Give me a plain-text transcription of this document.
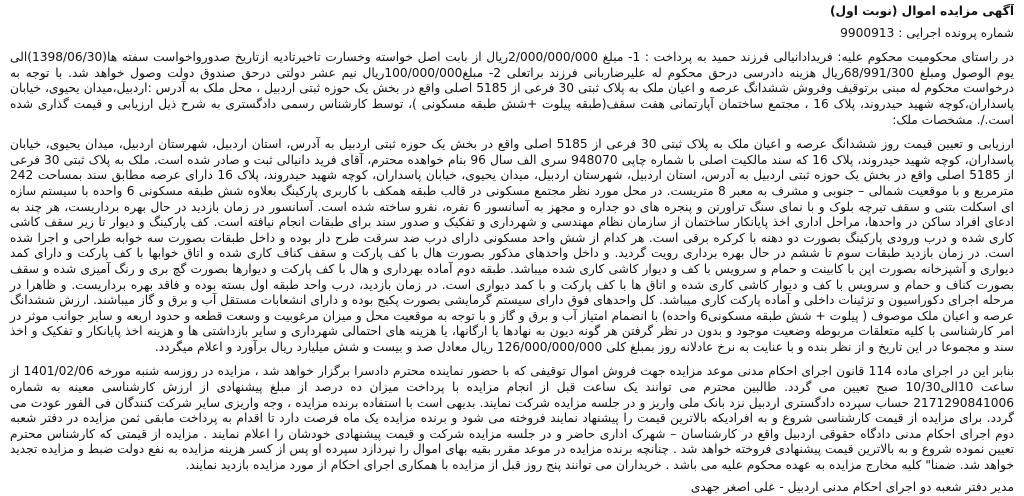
آگهی مزایده اموال (نوبت اول)
شماره پرونده اجرایی : 9900913
در راستای محکومیت محکوم علیه: فریدادانیالی فرزند حمید به پرداخت : 1- مبلغ 2/000/000/000ریال از بابت اصل خواسته وخسارت تاخیرتادیه ازتاریخ صدورواخواست سفته ها(1398/06/30)الی یوم الوصول ومبلغ 68/991/300ریال هزینه دادرسی درحق محکوم له علیرضاربانی فرزند براتعلی 2- مبلغ100/000/000ریال نیم عشر دولتی درحق صندوق دولت وصول خواهد شد. با توجه به درخواست محکوم له مبنی برتوقیف وفروش ششدانگ عرصه و اعیان ملک به پلاک ثبتی 30 فرعی از 5185 اصلی واقع در بخش یک حوزه ثبتی اردبیل ، محل ملک به آدرس :اردبیل،میدان یحیوی، خیابان پاسداران،کوچه شهید حیدروند، پلاک 16 ، مجتمع ساختمان آپارتمانی هفت سقف(طبقه پیلوت +شش طبقه مسکونی )، توسط کارشناس رسمی دادگستری به شرح ذیل ارزیابی و قیمت گذاری شده است./. مشخصات ملک:
ارزیابی و تعیین قیمت روز ششدانگ عرصه و اعیان ملک به پلاک ثبتی 30 فرعی از 5185 اصلی واقع در بخش یک حوزه ثبتی اردبیل به آدرس، استان اردبیل، شهرستان اردبیل، میدان یحیوی، خیابان پاسداران، کوچه شهید حیدروند، پلاک 16 که سند مالکیت اصلی با شماره چاپی 948070 سری الف سال 96 بنام خواهده محترم، آقای فرید دانیالی ثبت و صادر شده است. ملک به پلاک ثبتی 30 فرعی از 5185 اصلی واقع در بخش یک حوزه ثبتی اردبیل به آدرس، استان اردبیل، شهرستان اردبیل، میدان یحیوی، خیابان پاسداران، کوچه شهید حیدروند، پلاک 16 دارای عرصه مطابق سند بمساحت 242 مترمربع و با موقعیت شمالی – جنوبی و مشرف به معبر 8 متریست. در محل مورد نظر مجتمع مسکونی در قالب طبقه همکف با کاربری پارکینگ بعلاوه شش طبقه مسکونی 6 واحده با سیستم سازه ای اسکلت بتنی و سقف تیرچه بلوک و با نمای سنگ تراورتن و پنجره های دو جداره و مجهز به آسانسور 6 نفره، نفرو ساخته شده است. آسانسور در زمان بازدید در حال بهره برداریست، هر چند به ادعای افراد ساکن در واحدها، مراحل اداری اخذ پایانکار ساختمان از سازمان نظام مهندسی و شهرداری و تفکیک و صدور سند برای طبقات انجام نیافته است. کف پارکینگ و دیوار تا زیر سقف کاشی کاری شده و درب ورودی پارکینگ بصورت دو دهنه با کرکره برقی است. هر کدام از شش واحد مسکونی دارای درب ضد سرقت طرح دار بوده و داخل طبقات بصورت سه خوابه طراحی و اجرا شده است. در زمان بازدید طبقات سوم تا ششم در حال بهره برداری رویت گردید. و داخل واحدهای مذکور بصورت هال با کف پارکت و سقف کناف کاری شده و اتاق خوابها با کف پارکت و دارای کمد دیواری و آشپزخانه بصورت اپن با کابینت و حمام و سرویس با کف و دیوار کاشی کاری شده میباشد. طبقه دوم آماده بهرداری و هال با کف پارکت و دیوارها بصورت گچ بری و رنگ آمیزی شده و سقف بصورت کناف و حمام و سرویس با کف و دیوار کاشی کاری شده و اتاق ها با کف پارکت و با کمد دیواری است. در زمان بازدید، درب واحد طبقه اول بسته بوده و فاقد بهره برداریست. و ظاهرا در مرحله اجرای دکوراسیون و تزئینات داخلی و آماده پارکت کاری میباشد. کل واحدهای فوق دارای سیستم گرمایشی بصورت پکیج بوده و دارای انشعابات مستقل آب و برق و گاز میباشند. ارزش ششدانگ عرصه و اعیان ملک موصوف ( پیلوت + شش طبقه مسکونی6 واحده) با انضمام امتیاز آب و برق و گاز و با توجه به موقعیت محل و میزان مرغوبیت و وسعت قطعه و حدود اربعه و سایر جوانب موثر در امر کارشناسی با کلیه متعلقات مربوطه وضعیت موجود و بدون در نظر گرفتن هر گونه دیون به نهادها یا ارگانها، یا هزینه های احتمالی شهرداری و سایر بازداشتی ها و هزینه اخذ پایانکار و تفکیک و اخذ سند و مجموعا در این تاریخ و از نظر بنده و با عنایت به نرخ عادلانه روز بمبلغ کلی 126/000/000/000 ریال معادل صد و بیست و شش میلیارد ریال برآورد و اعلام میگردد.
بنابر این در اجرای ماده 114 قانون اجرای احکام مدنی موعد مزایده جهت فروش اموال توقیفی که با حضور نماینده محترم دادسرا برگزار خواهد شد ، مزایده در روزسه شنبه مورخه 1401/02/06 از ساعت 10الی10/30 صبح تعیین می گردد. طالبین محترم می توانند یک ساعت قبل از انجام مزایده با پرداخت میزان ده درصد از مبلغ پیشنهادی از ارزش کارشناسی معینه به شماره 2171290841006 حساب سپرده دادگستری اردبیل نزد بانک ملی واریز و در جلسه مزایده شرکت نمایند. بدیهی است با استفاده برنده مزایده ، وجه واریزی سایر شرکت کنندگان فی الفور عودت می گردد. برای مزایده از قیمت کارشناسی شروع و به افرادیکه بالاترین قیمت را پیشنهاد نمایند فروخته می شود و برنده مزایده یک ماه فرصت دارد تا اقدام به پرداخت مابقی ثمن مزایده در دفتر شعبه دوم اجرای احکام مدنی دادگاه حقوقی اردبیل واقع در کارشناسان – شهرک اداری حاضر و در جلسه مزایده شرکت و قیمت پیشنهادی خودشان را اعلام نمایند . مزایده از قیمتی که کارشناس محترم تعیین نموده شروع و به بالاترین قیمت پیشنهادی فروخته خواهد شد . چنانچه برنده مزایده در موعد مقرر بقیه بهای اموال را نپردازد سپرده او پس از کسر هزینه مزایده به نفع دولت ضبط و مزایده تجدید خواهد شد. ضمنا" کلیه مخارج مزایده به عهده محکوم علیه می باشد . خریداران می توانند پنج روز قبل از مزایده با همکاری اجرای احکام از مورد مزایده بازدید نمایند.
مدیر دفتر شعبه دو اجرای احکام مدنی اردبیل - علی اصغر جهدی
